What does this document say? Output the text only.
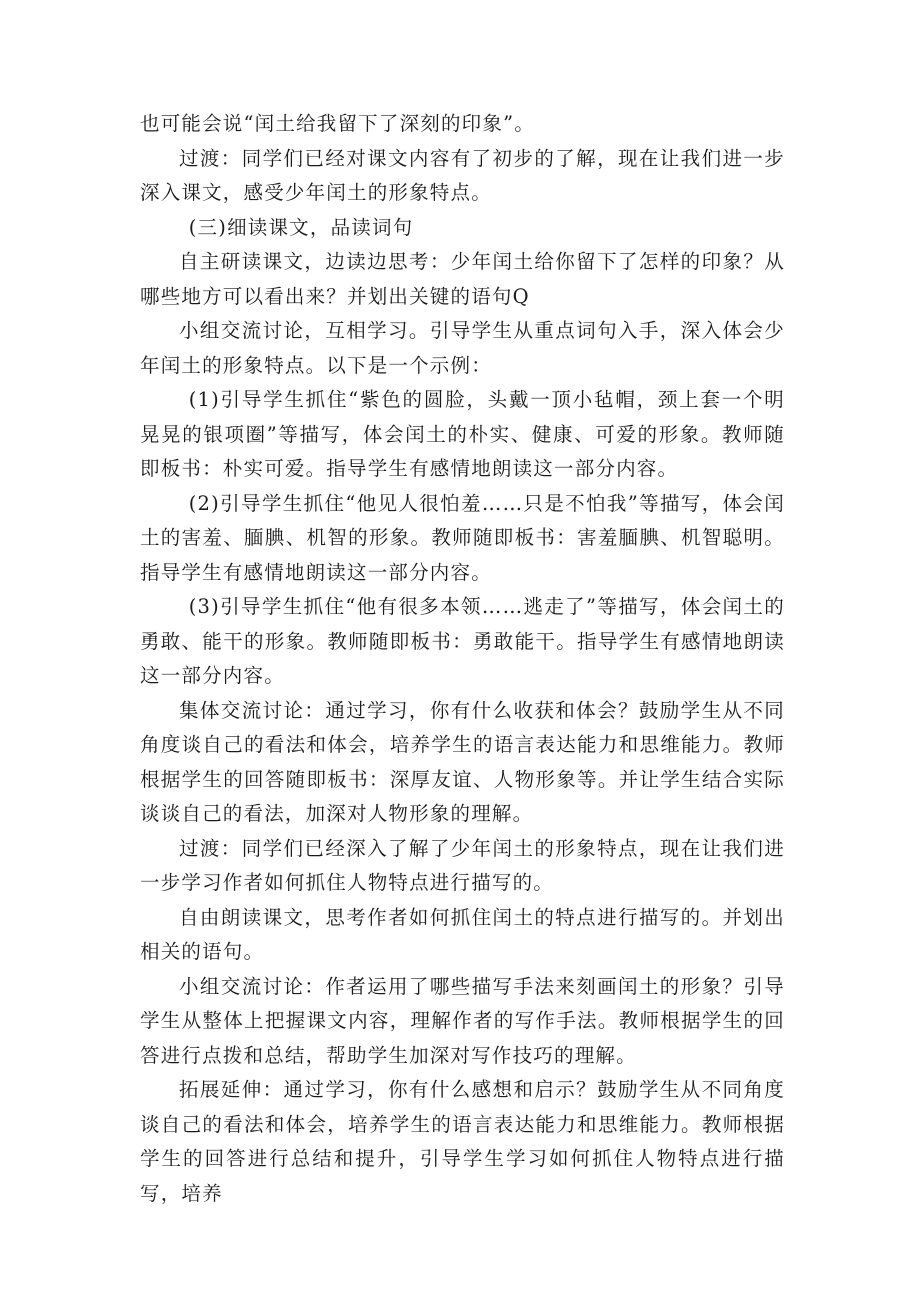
也可能会说“闰土给我留下了深刻的印象”。

过渡：同学们已经对课文内容有了初步的了解，现在让我们进一步深入课文，感受少年闰土的形象特点。

(三)细读课文，品读词句

自主研读课文，边读边思考：少年闰土给你留下了怎样的印象？从哪些地方可以看出来？并划出关键的语句Q

小组交流讨论，互相学习。引导学生从重点词句入手，深入体会少年闰土的形象特点。以下是一个示例：

(1)引导学生抓住“紫色的圆脸，头戴一顶小毡帽，颈上套一个明晃晃的银项圈”等描写，体会闰土的朴实、健康、可爱的形象。教师随即板书：朴实可爱。指导学生有感情地朗读这一部分内容。

(2)引导学生抓住“他见人很怕羞……只是不怕我”等描写，体会闰土的害羞、腼腆、机智的形象。教师随即板书：害羞腼腆、机智聪明。指导学生有感情地朗读这一部分内容。

(3)引导学生抓住“他有很多本领……逃走了”等描写，体会闰土的勇敢、能干的形象。教师随即板书：勇敢能干。指导学生有感情地朗读这一部分内容。

集体交流讨论：通过学习，你有什么收获和体会？鼓励学生从不同角度谈自己的看法和体会，培养学生的语言表达能力和思维能力。教师根据学生的回答随即板书：深厚友谊、人物形象等。并让学生结合实际谈谈自己的看法，加深对人物形象的理解。

过渡：同学们已经深入了解了少年闰土的形象特点，现在让我们进一步学习作者如何抓住人物特点进行描写的。

自由朗读课文，思考作者如何抓住闰土的特点进行描写的。并划出相关的语句。

小组交流讨论：作者运用了哪些描写手法来刻画闰土的形象？引导学生从整体上把握课文内容，理解作者的写作手法。教师根据学生的回答进行点拨和总结，帮助学生加深对写作技巧的理解。

拓展延伸：通过学习，你有什么感想和启示？鼓励学生从不同角度谈自己的看法和体会，培养学生的语言表达能力和思维能力。教师根据学生的回答进行总结和提升，引导学生学习如何抓住人物特点进行描写，培养
